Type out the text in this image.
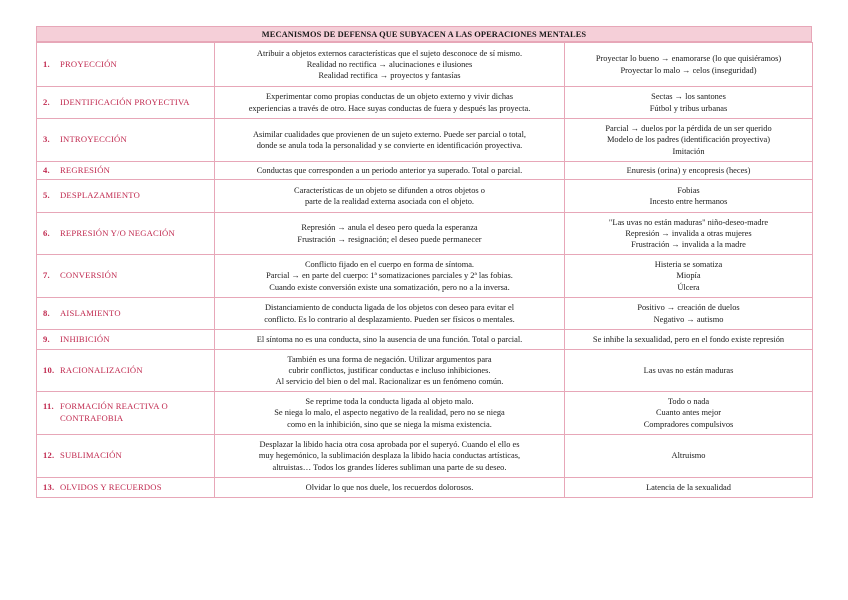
MECANISMOS DE DEFENSA QUE SUBYACEN A LAS OPERACIONES MENTALES
1. PROYECCIÓN	Atribuir a objetos externos características que el sujeto desconoce de sí mismo.
Realidad no rectifica → alucinaciones e ilusiones
Realidad rectifica → proyectos y fantasías	Proyectar lo bueno → enamorarse (lo que quisiéramos)
Proyectar lo malo → celos (inseguridad)

2. IDENTIFICACIÓN PROYECTIVA	Experimentar como propias conductas de un objeto externo y vivir dichas
experiencias a través de otro. Hace suyas conductas de fuera y después las proyecta.	Sectas → los santones
Fútbol y tribus urbanas

3. INTROYECCIÓN	Asimilar cualidades que provienen de un sujeto externo. Puede ser parcial o total,
donde se anula toda la personalidad y se convierte en identificación proyectiva.	Parcial → duelos por la pérdida de un ser querido
Modelo de los padres (identificación proyectiva)
Imitación

4. REGRESIÓN	Conductas que corresponden a un periodo anterior ya superado. Total o parcial.	Enuresis (orina) y encopresis (heces)

5. DESPLAZAMIENTO	Características de un objeto se difunden a otros objetos o
parte de la realidad externa asociada con el objeto.	Fobias
Incesto entre hermanos

6. REPRESIÓN Y/O NEGACIÓN	Represión → anula el deseo pero queda la esperanza
Frustración → resignación; el deseo puede permanecer	"Las uvas no están maduras" niño-deseo-madre
Represión → invalida a otras mujeres
Frustración → invalida a la madre

7. CONVERSIÓN	Conflicto fijado en el cuerpo en forma de síntoma.
Parcial → en parte del cuerpo: 1ª somatizaciones parciales y 2ª las fobias.
Cuando existe conversión existe una somatización, pero no a la inversa.	Histeria se somatiza
Miopía
Úlcera

8. AISLAMIENTO	Distanciamiento de conducta ligada de los objetos con deseo para evitar el
conflicto. Es lo contrario al desplazamiento. Pueden ser físicos o mentales.	Positivo → creación de duelos
Negativo → autismo

9. INHIBICIÓN	El síntoma no es una conducta, sino la ausencia de una función. Total o parcial.	Se inhibe la sexualidad, pero en el fondo existe represión

10. RACIONALIZACIÓN	También es una forma de negación. Utilizar argumentos para
cubrir conflictos, justificar conductas e incluso inhibiciones.
Al servicio del bien o del mal. Racionalizar es un fenómeno común.	Las uvas no están maduras

11. FORMACIÓN REACTIVA O CONTRAFOBIA	Se reprime toda la conducta ligada al objeto malo.
Se niega lo malo, el aspecto negativo de la realidad, pero no se niega
como en la inhibición, sino que se niega la misma existencia.	Todo o nada
Cuanto antes mejor
Compradores compulsivos

12. SUBLIMACIÓN	Desplazar la libido hacia otra cosa aprobada por el superyó. Cuando el ello es
muy hegemónico, la sublimación desplaza la libido hacia conductas artísticas,
altruistas… Todos los grandes líderes subliman una parte de su deseo.	Altruismo

13. OLVIDOS Y RECUERDOS	Olvidar lo que nos duele, los recuerdos dolorosos.	Latencia de la sexualidad
